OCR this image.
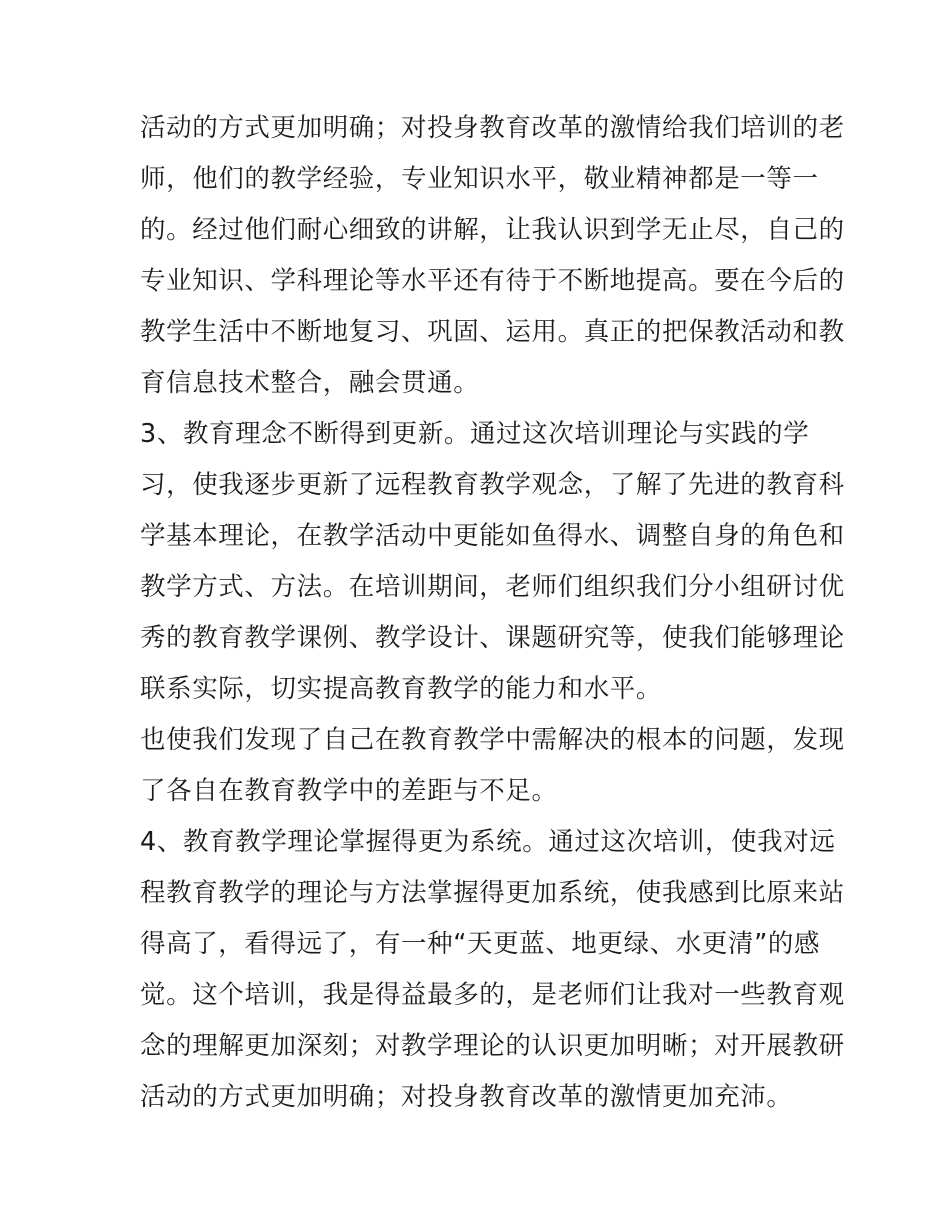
活动的方式更加明确；对投身教育改革的激情给我们培训的老
师，他们的教学经验，专业知识水平，敬业精神都是一等一
的。经过他们耐心细致的讲解，让我认识到学无止尽，自己的
专业知识、学科理论等水平还有待于不断地提高。要在今后的
教学生活中不断地复习、巩固、运用。真正的把保教活动和教
育信息技术整合，融会贯通。
3、教育理念不断得到更新。通过这次培训理论与实践的学
习，使我逐步更新了远程教育教学观念，了解了先进的教育科
学基本理论，在教学活动中更能如鱼得水、调整自身的角色和
教学方式、方法。在培训期间，老师们组织我们分小组研讨优
秀的教育教学课例、教学设计、课题研究等，使我们能够理论
联系实际，切实提高教育教学的能力和水平。
也使我们发现了自己在教育教学中需解决的根本的问题，发现
了各自在教育教学中的差距与不足。
4、教育教学理论掌握得更为系统。通过这次培训，使我对远
程教育教学的理论与方法掌握得更加系统，使我感到比原来站
得高了，看得远了，有一种“天更蓝、地更绿、水更清”的感
觉。这个培训，我是得益最多的，是老师们让我对一些教育观
念的理解更加深刻；对教学理论的认识更加明晰；对开展教研
活动的方式更加明确；对投身教育改革的激情更加充沛。
